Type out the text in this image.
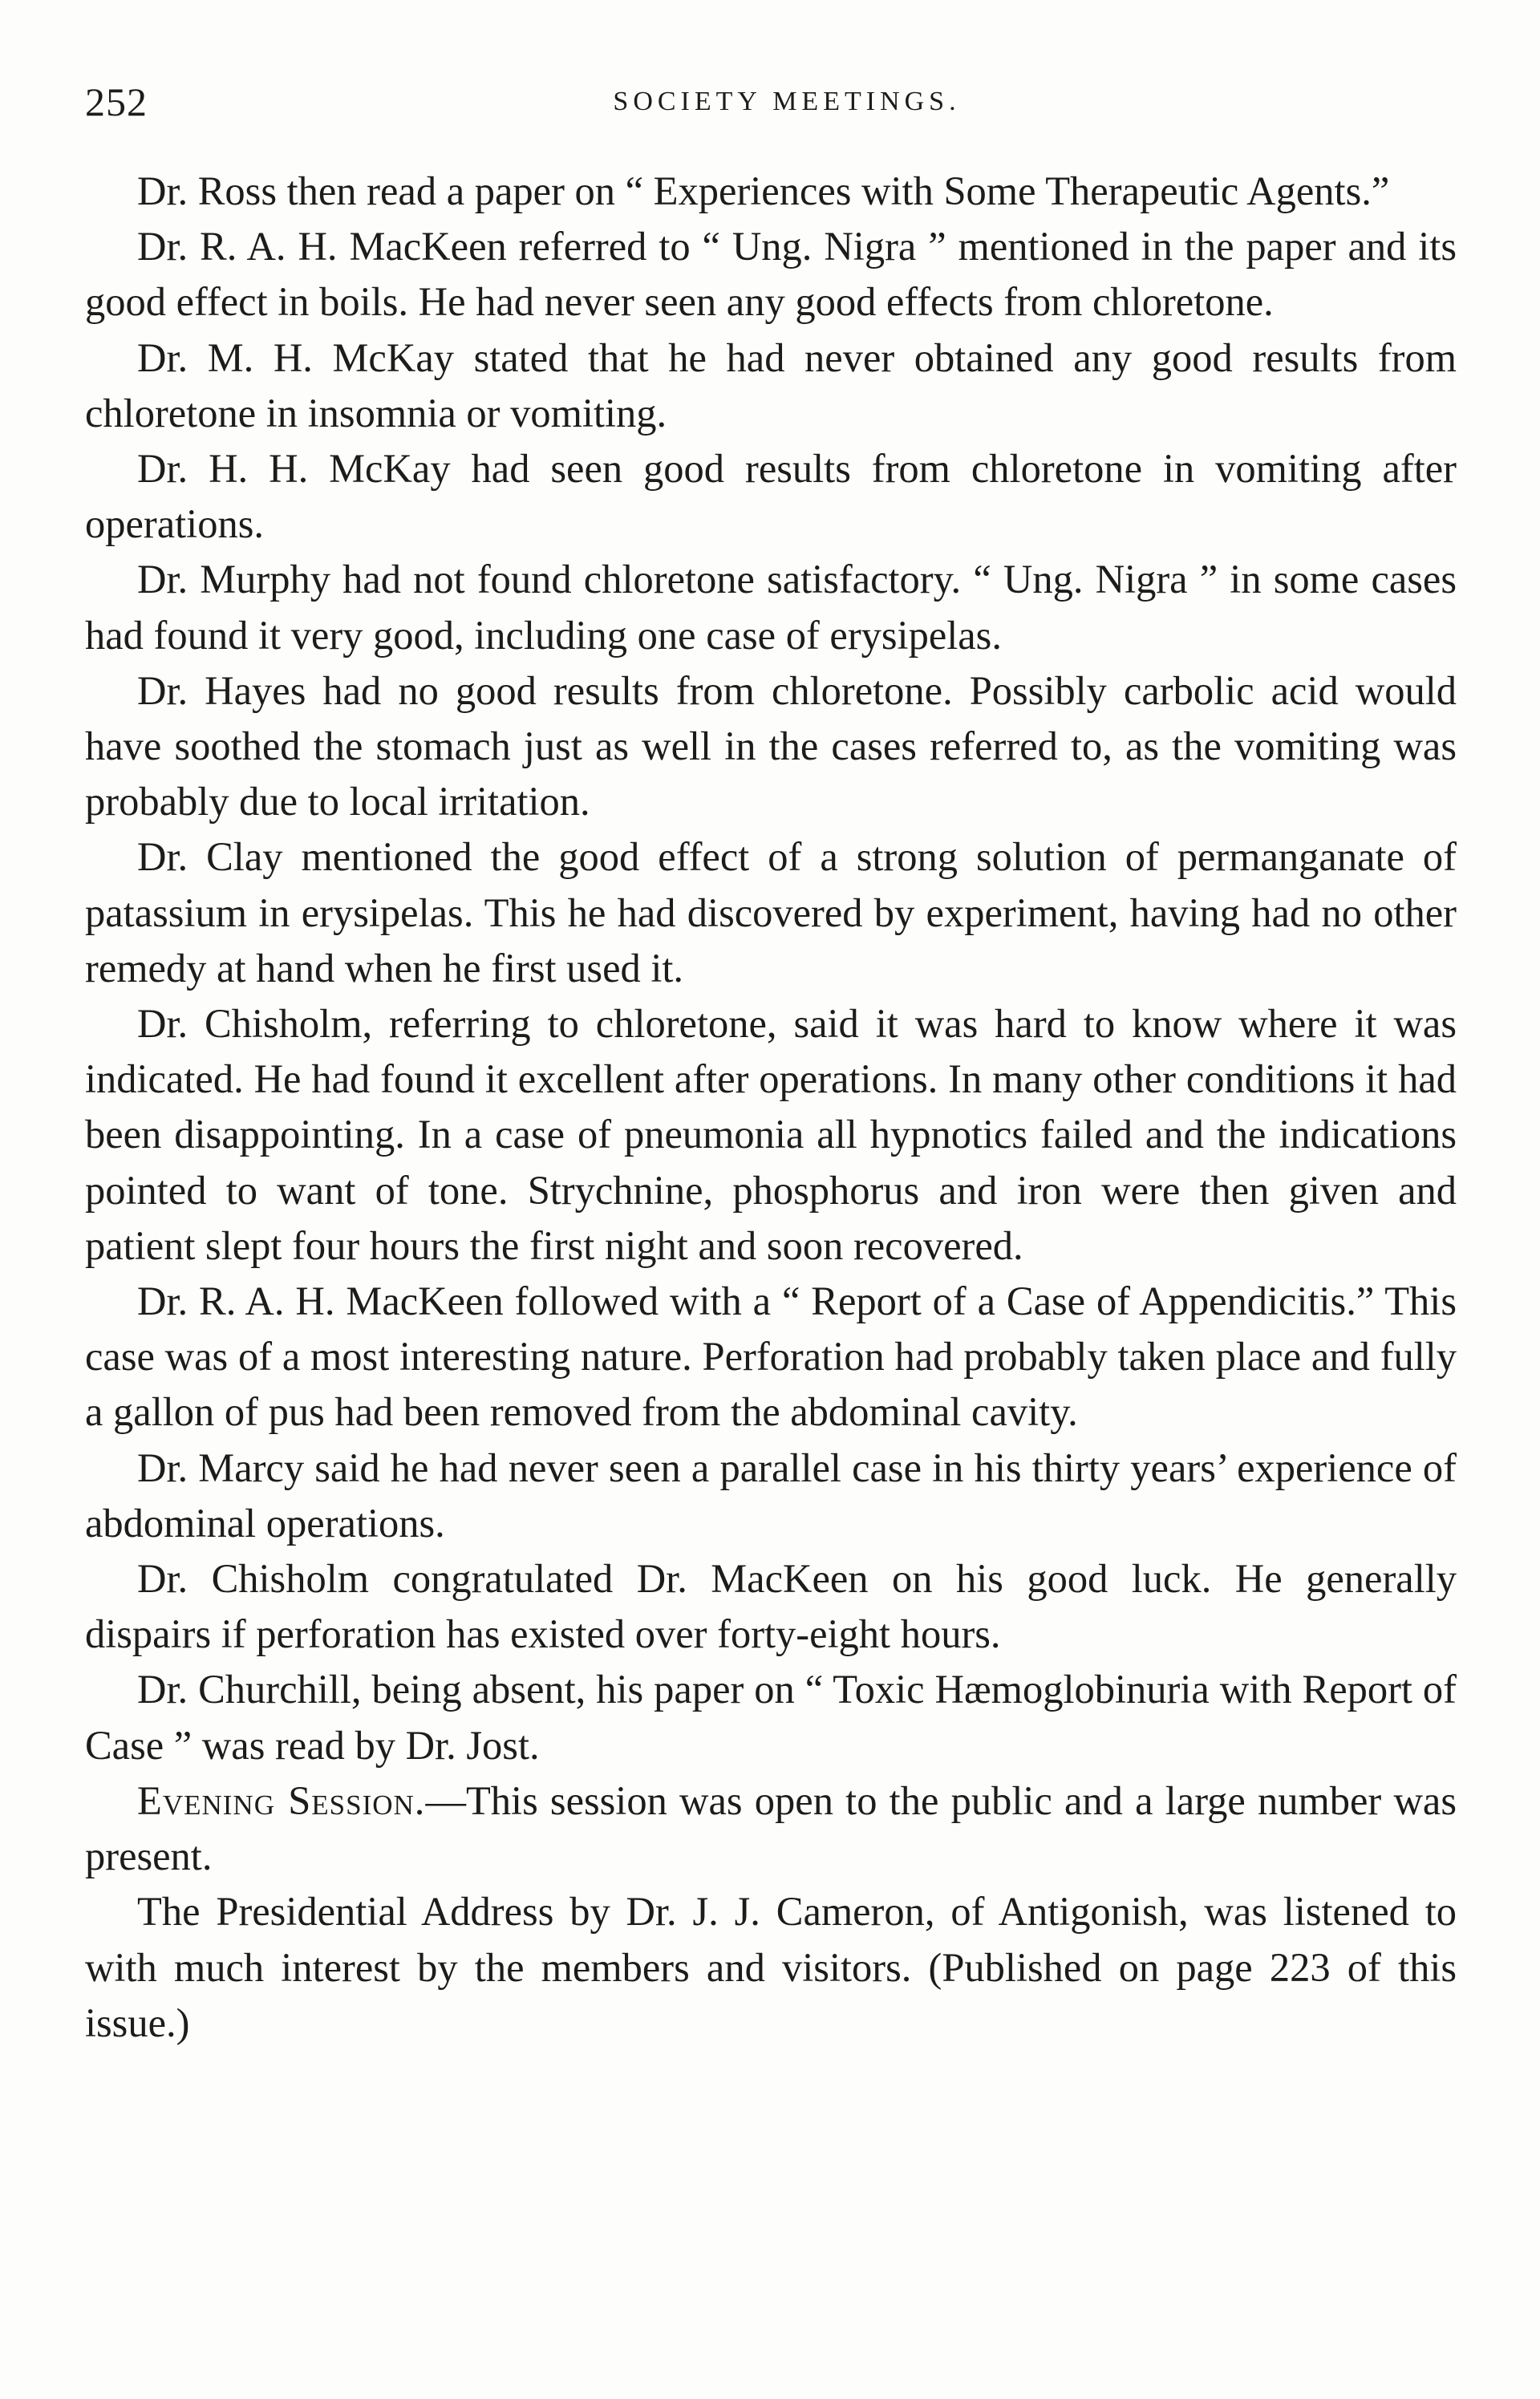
252	SOCIETY MEETINGS.

Dr. Ross then read a paper on “ Experiences with Some Therapeutic Agents.”

Dr. R. A. H. MacKeen referred to “ Ung. Nigra ” mentioned in the paper and its good effect in boils. He had never seen any good effects from chloretone.

Dr. M. H. McKay stated that he had never obtained any good results from chloretone in insomnia or vomiting.

Dr. H. H. McKay had seen good results from chloretone in vomiting after operations.

Dr. Murphy had not found chloretone satisfactory. “ Ung. Nigra ” in some cases had found it very good, including one case of erysipelas.

Dr. Hayes had no good results from chloretone. Possibly carbolic acid would have soothed the stomach just as well in the cases referred to, as the vomiting was probably due to local irritation.

Dr. Clay mentioned the good effect of a strong solution of permanganate of patassium in erysipelas. This he had discovered by experiment, having had no other remedy at hand when he first used it.

Dr. Chisholm, referring to chloretone, said it was hard to know where it was indicated. He had found it excellent after operations. In many other conditions it had been disappointing. In a case of pneumonia all hypnotics failed and the indications pointed to want of tone. Strychnine, phosphorus and iron were then given and patient slept four hours the first night and soon recovered.

Dr. R. A. H. MacKeen followed with a “ Report of a Case of Appendicitis.” This case was of a most interesting nature. Perforation had probably taken place and fully a gallon of pus had been removed from the abdominal cavity.

Dr. Marcy said he had never seen a parallel case in his thirty years’ experience of abdominal operations.

Dr. Chisholm congratulated Dr. MacKeen on his good luck. He generally dispairs if perforation has existed over forty-eight hours.

Dr. Churchill, being absent, his paper on “ Toxic Hæmoglobinuria with Report of Case ” was read by Dr. Jost.

Evening Session.—This session was open to the public and a large number was present.

The Presidential Address by Dr. J. J. Cameron, of Antigonish, was listened to with much interest by the members and visitors. (Published on page 223 of this issue.)
